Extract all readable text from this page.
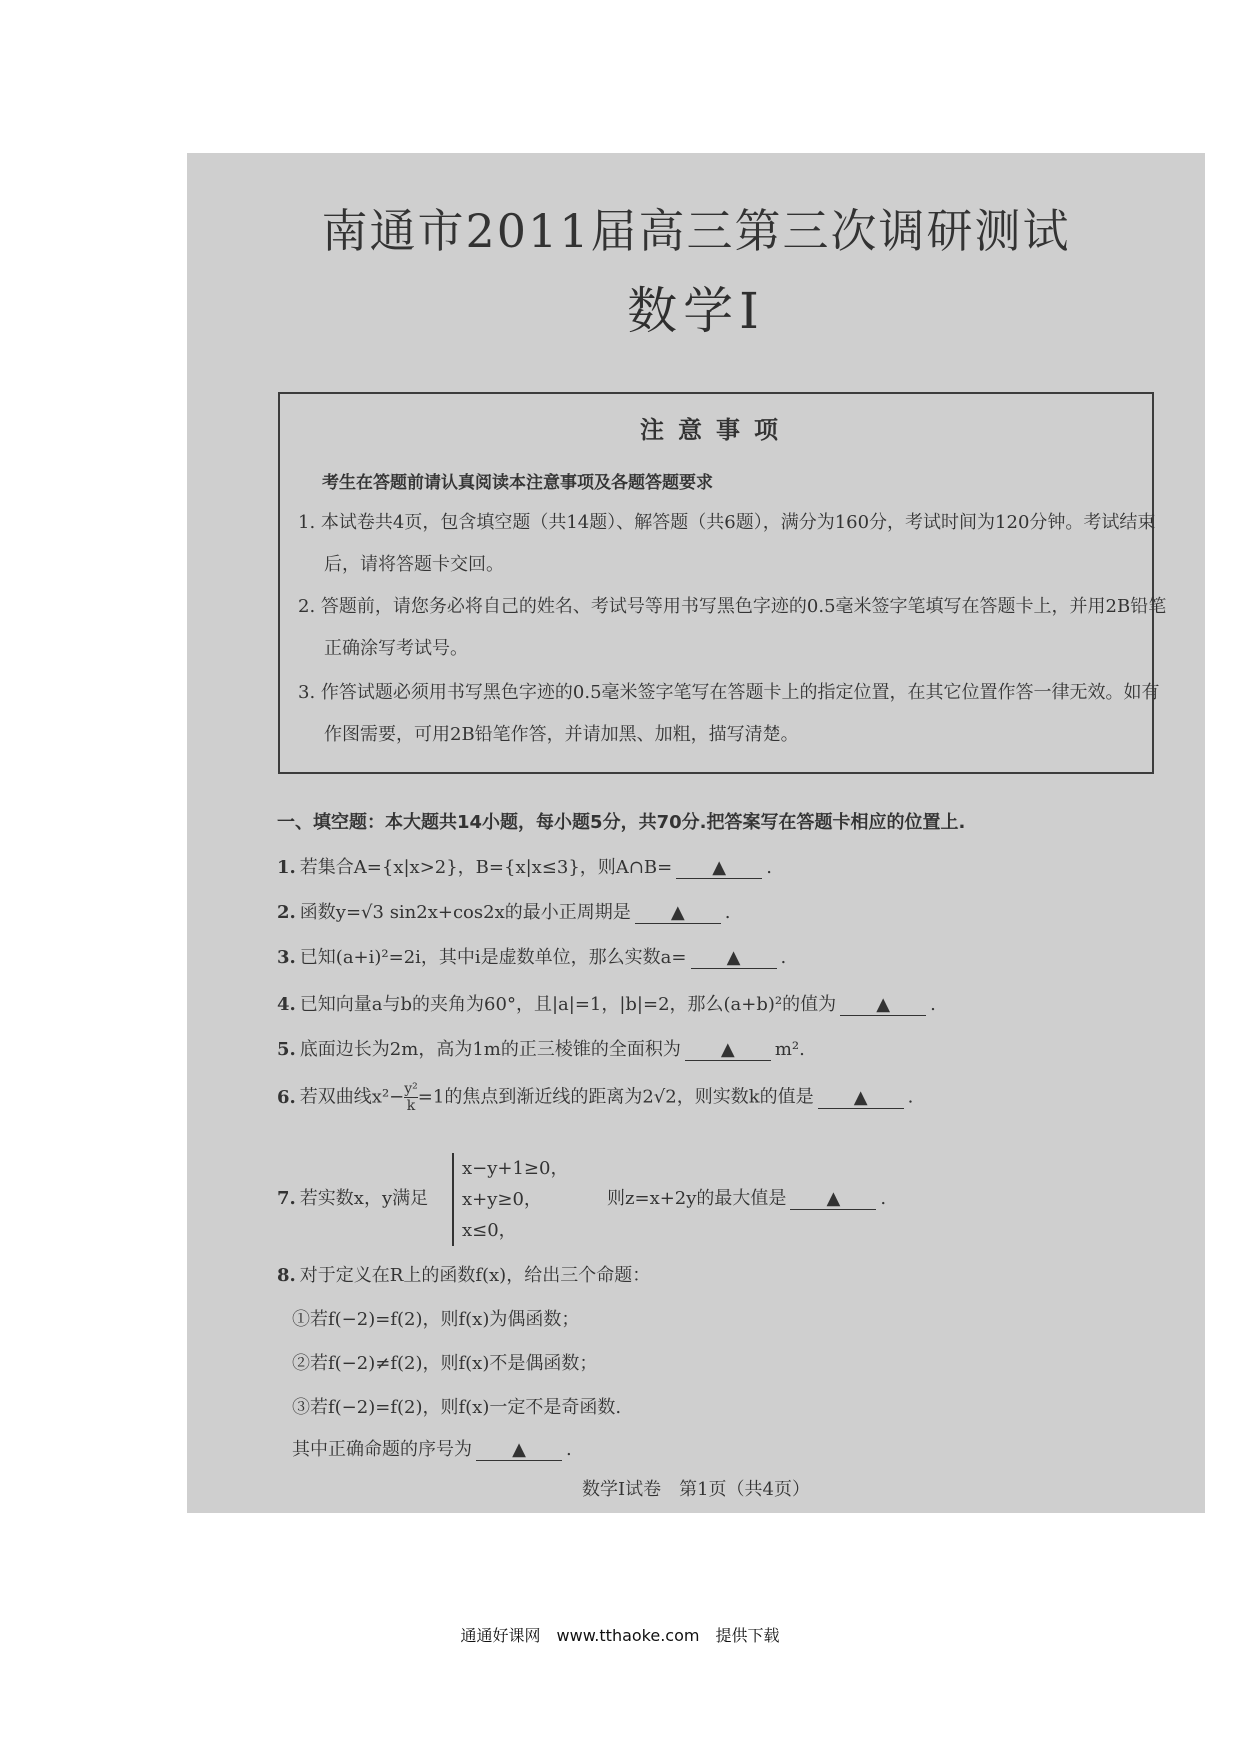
南通市2011届高三第三次调研测试
数学Ⅰ
注意事项
考生在答题前请认真阅读本注意事项及各题答题要求
1. 本试卷共4页，包含填空题（共14题）、解答题（共6题），满分为160分，考试时间为120分钟。考试结束后，请将答题卡交回。
2. 答题前，请您务必将自己的姓名、考试号等用书写黑色字迹的0.5毫米签字笔填写在答题卡上，并用2B铅笔正确涂写考试号。
3. 作答试题必须用书写黑色字迹的0.5毫米签字笔写在答题卡上的指定位置，在其它位置作答一律无效。如有作图需要，可用2B铅笔作答，并请加黑、加粗，描写清楚。
一、填空题：本大题共14小题，每小题5分，共70分.把答案写在答题卡相应的位置上.
1. 若集合A={x|x>2}，B={x|x≤3}，则A∩B= ▲ .
2. 函数y=√3 sin2x+cos2x的最小正周期是 ▲ .
3. 已知(a+i)²=2i，其中i是虚数单位，那么实数a= ▲ .
4. 已知向量a与b的夹角为60°，且|a|=1，|b|=2，那么(a+b)²的值为 ▲ .
5. 底面边长为2m，高为1m的正三棱锥的全面积为 ▲ m².
6. 若双曲线$x^2- \frac{\text{y²}}{k} =1$的焦点到渐近线的距离为2√2，则实数k的值是 ▲ .
7. 若实数x，y满足
x−y+1≥0，
x+y≥0，
x≤0，
则z=x+2y的最大值是 ▲ .
8. 对于定义在R上的函数f(x)，给出三个命题：
①若f(−2)=f(2)，则f(x)为偶函数；
②若f(−2)≠f(2)，则f(x)不是偶函数；
③若f(−2)=f(2)，则f(x)一定不是奇函数.
其中正确命题的序号为 ▲ .
数学Ⅰ试卷　第1页（共4页）
通通好课网　www.tthaoke.com　提供下载
